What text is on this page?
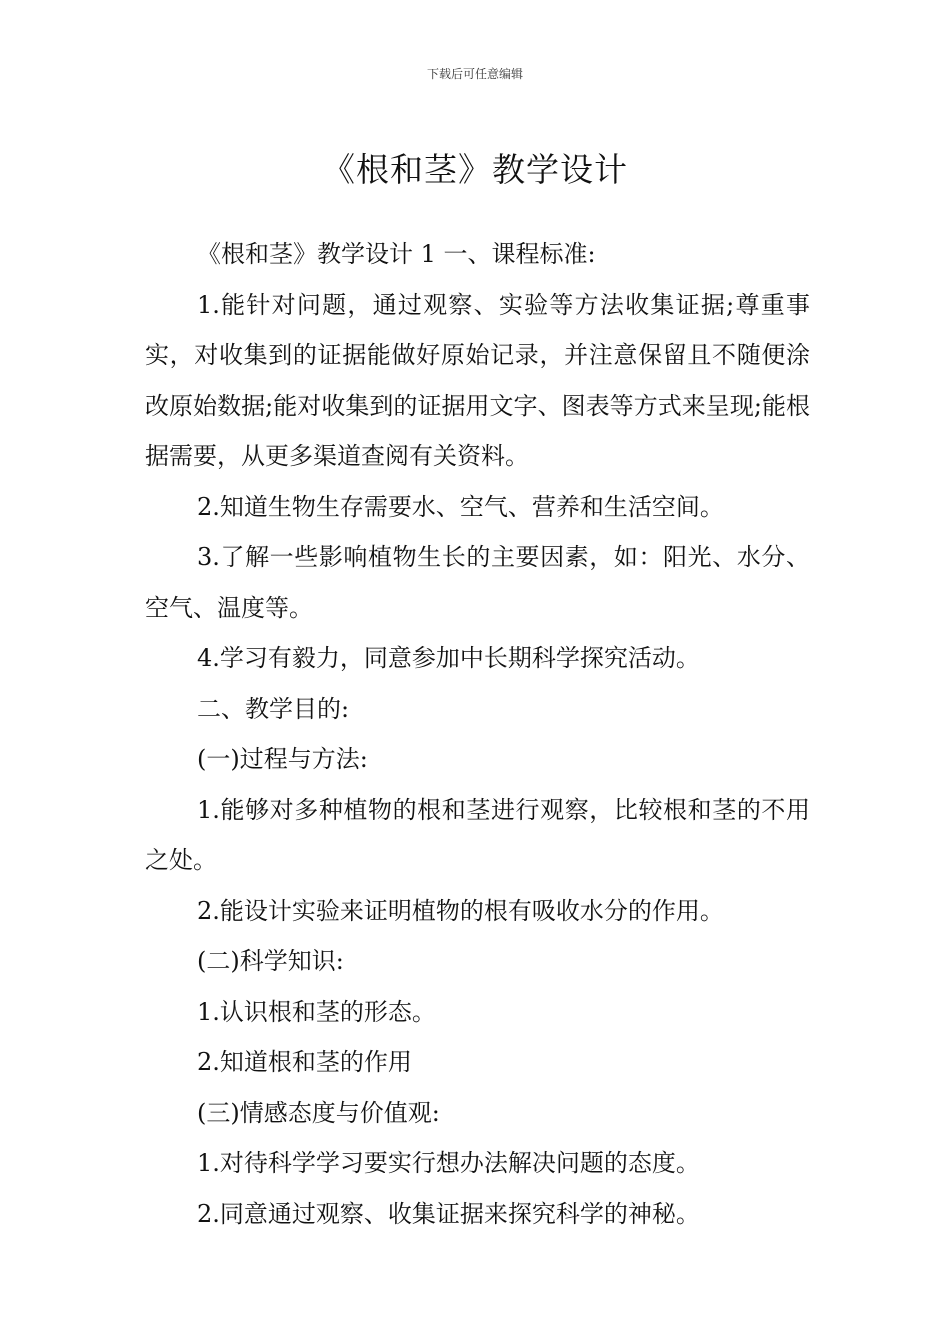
下载后可任意编辑
《根和茎》教学设计

《根和茎》教学设计 1 一、课程标准:

1.能针对问题，通过观察、实验等方法收集证据;尊重事实，对收集到的证据能做好原始记录，并注意保留且不随便涂改原始数据;能对收集到的证据用文字、图表等方式来呈现;能根据需要，从更多渠道查阅有关资料。

2.知道生物生存需要水、空气、营养和生活空间。

3.了解一些影响植物生长的主要因素，如：阳光、水分、空气、温度等。

4.学习有毅力，同意参加中长期科学探究活动。

二、教学目的:

(一)过程与方法:

1.能够对多种植物的根和茎进行观察，比较根和茎的不用之处。

2.能设计实验来证明植物的根有吸收水分的作用。

(二)科学知识:

1.认识根和茎的形态。

2.知道根和茎的作用

(三)情感态度与价值观:

1.对待科学学习要实行想办法解决问题的态度。

2.同意通过观察、收集证据来探究科学的神秘。
